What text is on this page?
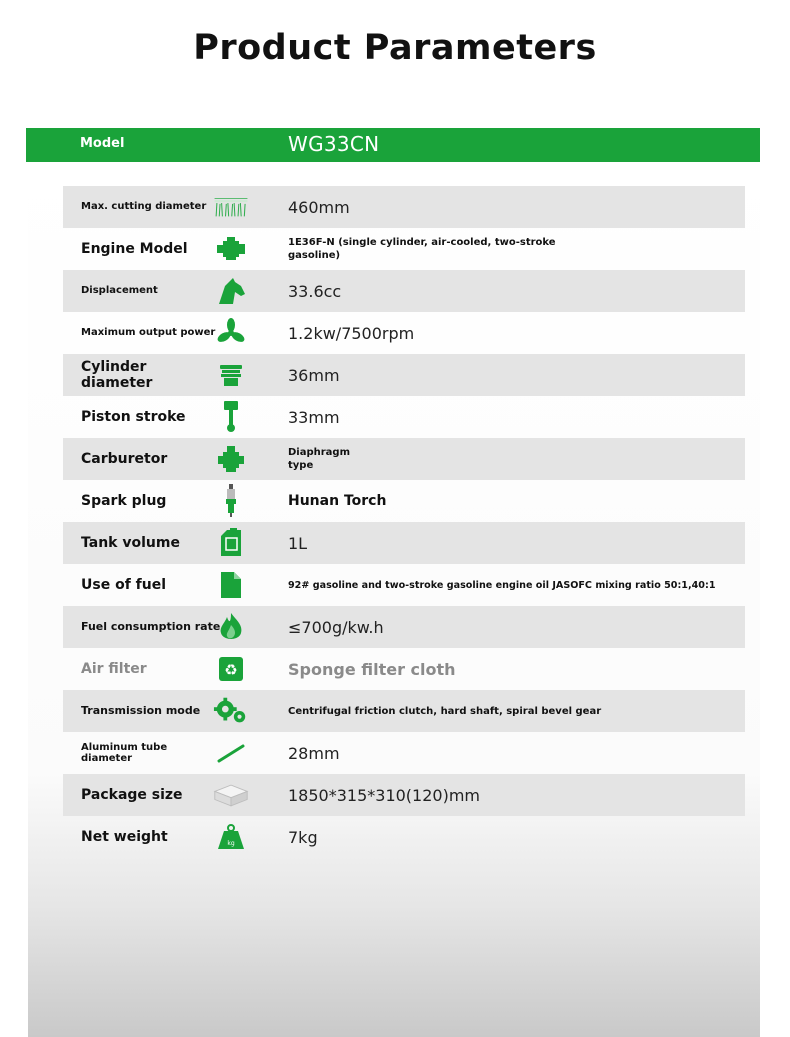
Product Parameters
Model	WG33CN
Max. cutting diameter	460mm
Engine Model	1E36F-N (single cylinder, air-cooled, two-stroke gasoline)
Displacement	33.6cc
Maximum output power	1.2kw/7500rpm
Cylinder diameter	36mm
Piston stroke	33mm
Carburetor	Diaphragm type
Spark plug	Hunan Torch
Tank volume	1L
Use of fuel	92# gasoline and two-stroke gasoline engine oil JASOFC mixing ratio 50:1,40:1
Fuel consumption rate	≤700g/kw.h
Air filter	♻	Sponge filter cloth
Transmission mode	Centrifugal friction clutch, hard shaft, spiral bevel gear
Aluminum tube diameter	28mm
Package size	1850*315*310(120)mm
Net weight	kg	7kg
